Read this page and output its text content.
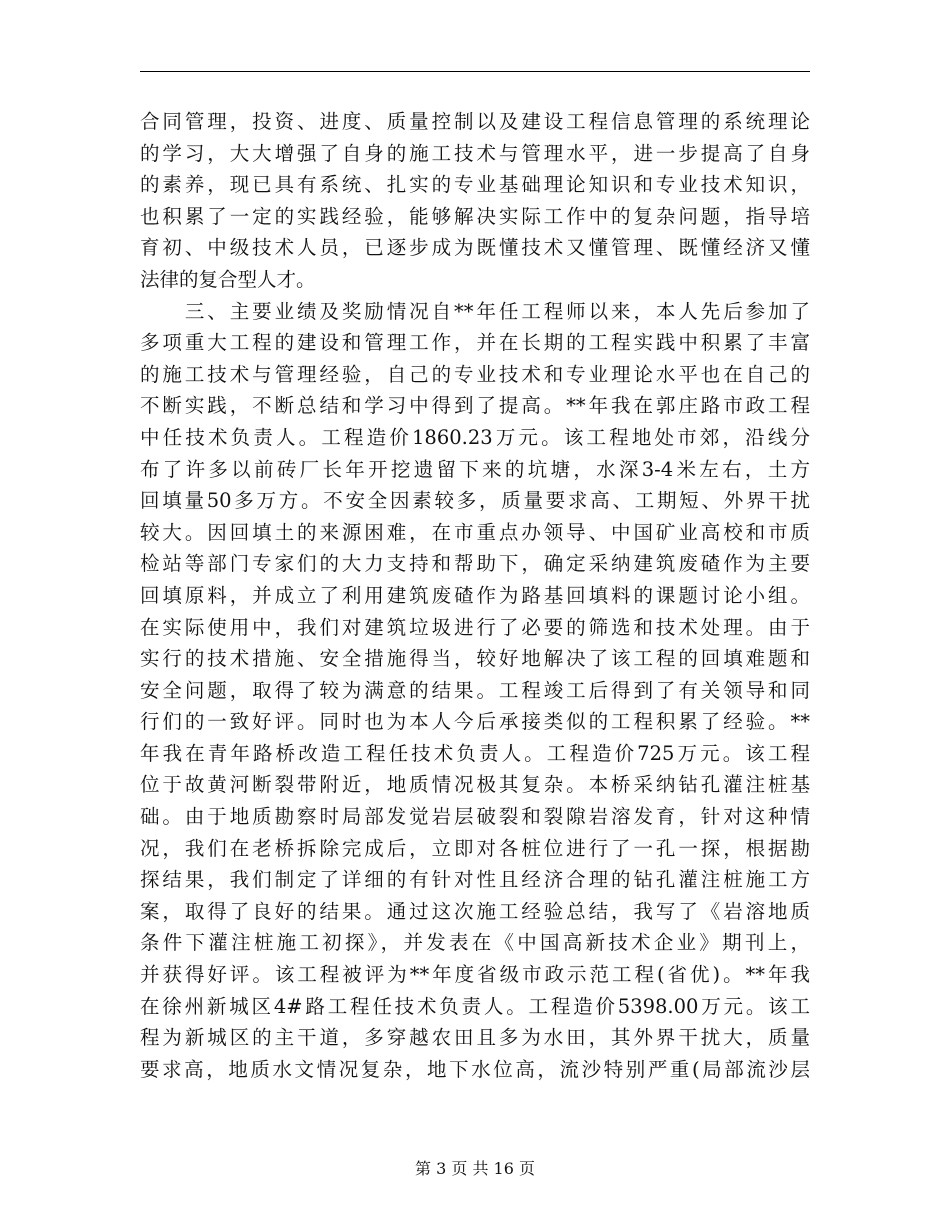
合同管理，投资、进度、质量控制以及建设工程信息管理的系统理论
的学习，大大增强了自身的施工技术与管理水平，进一步提高了自身
的素养，现已具有系统、扎实的专业基础理论知识和专业技术知识，
也积累了一定的实践经验，能够解决实际工作中的复杂问题，指导培
育初、中级技术人员，已逐步成为既懂技术又懂管理、既懂经济又懂
法律的复合型人才。
　　三、主要业绩及奖励情况自**年任工程师以来，本人先后参加了
多项重大工程的建设和管理工作，并在长期的工程实践中积累了丰富
的施工技术与管理经验，自己的专业技术和专业理论水平也在自己的
不断实践，不断总结和学习中得到了提高。**年我在郭庄路市政工程
中任技术负责人。工程造价1860.23万元。该工程地处市郊，沿线分
布了许多以前砖厂长年开挖遗留下来的坑塘，水深3-4米左右，土方
回填量50多万方。不安全因素较多，质量要求高、工期短、外界干扰
较大。因回填土的来源困难，在市重点办领导、中国矿业高校和市质
检站等部门专家们的大力支持和帮助下，确定采纳建筑废碴作为主要
回填原料，并成立了利用建筑废碴作为路基回填料的课题讨论小组。
在实际使用中，我们对建筑垃圾进行了必要的筛选和技术处理。由于
实行的技术措施、安全措施得当，较好地解决了该工程的回填难题和
安全问题，取得了较为满意的结果。工程竣工后得到了有关领导和同
行们的一致好评。同时也为本人今后承接类似的工程积累了经验。**
年我在青年路桥改造工程任技术负责人。工程造价725万元。该工程
位于故黄河断裂带附近，地质情况极其复杂。本桥采纳钻孔灌注桩基
础。由于地质勘察时局部发觉岩层破裂和裂隙岩溶发育，针对这种情
况，我们在老桥拆除完成后，立即对各桩位进行了一孔一探，根据勘
探结果，我们制定了详细的有针对性且经济合理的钻孔灌注桩施工方
案，取得了良好的结果。通过这次施工经验总结，我写了《岩溶地质
条件下灌注桩施工初探》，并发表在《中国高新技术企业》期刊上，
并获得好评。该工程被评为**年度省级市政示范工程(省优)。**年我
在徐州新城区4#路工程任技术负责人。工程造价5398.00万元。该工
程为新城区的主干道，多穿越农田且多为水田，其外界干扰大，质量
要求高，地质水文情况复杂，地下水位高，流沙特别严重(局部流沙层
第 3 页 共 16 页
